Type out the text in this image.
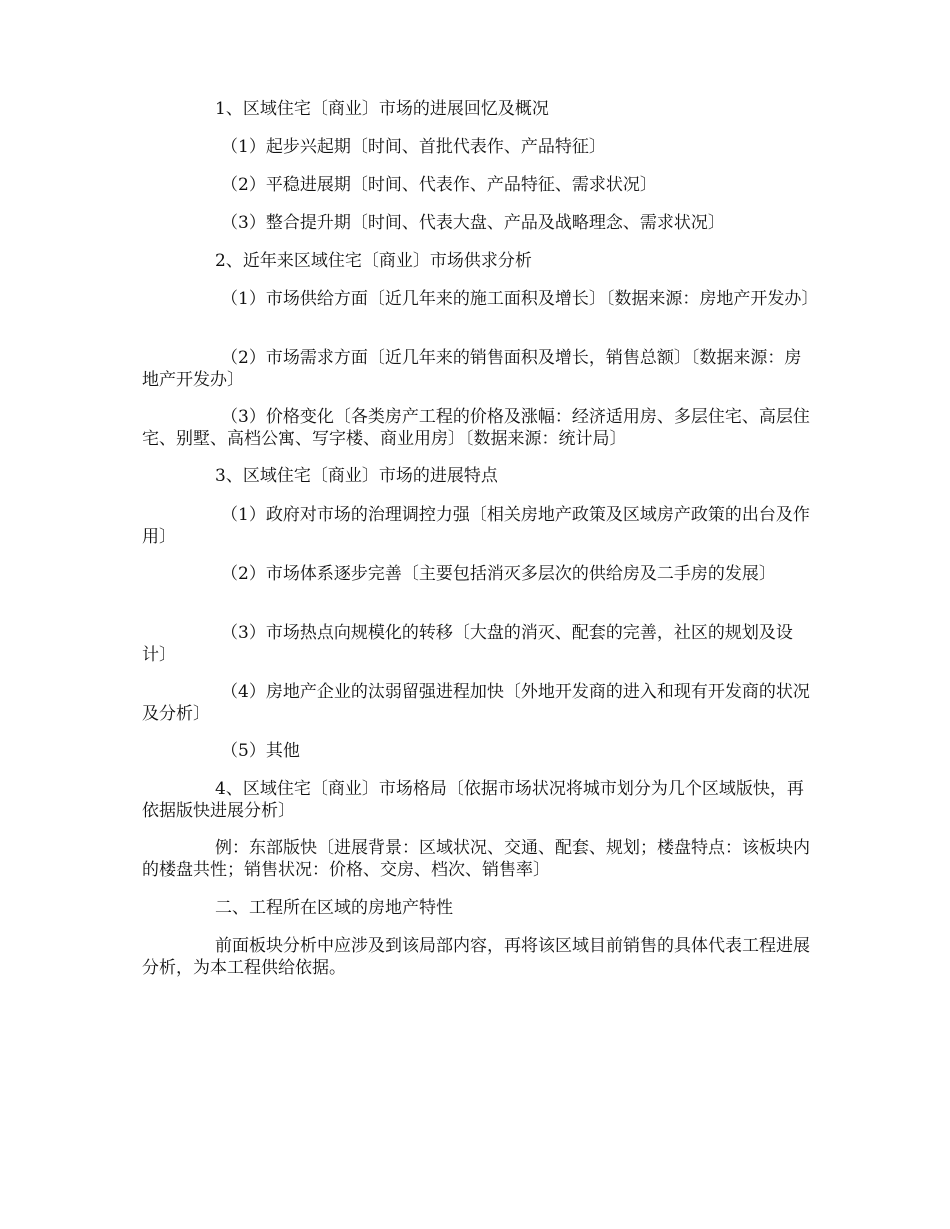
1、区域住宅〔商业〕市场的进展回忆及概况

（1）起步兴起期〔时间、首批代表作、产品特征〕

（2）平稳进展期〔时间、代表作、产品特征、需求状况〕

（3）整合提升期〔时间、代表大盘、产品及战略理念、需求状况〕

2、近年来区域住宅〔商业〕市场供求分析

（1）市场供给方面〔近几年来的施工面积及增长〕〔数据来源：房地产开发办〕

（2）市场需求方面〔近几年来的销售面积及增长，销售总额〕〔数据来源：房地产开发办〕

（3）价格变化〔各类房产工程的价格及涨幅：经济适用房、多层住宅、高层住宅、别墅、高档公寓、写字楼、商业用房〕〔数据来源：统计局〕

3、区域住宅〔商业〕市场的进展特点

（1）政府对市场的治理调控力强〔相关房地产政策及区域房产政策的出台及作用〕

（2）市场体系逐步完善〔主要包括消灭多层次的供给房及二手房的发展〕

（3）市场热点向规模化的转移〔大盘的消灭、配套的完善，社区的规划及设计〕

（4）房地产企业的汰弱留强进程加快〔外地开发商的进入和现有开发商的状况及分析〕

（5）其他

4、区域住宅〔商业〕市场格局〔依据市场状况将城市划分为几个区域版快，再依据版快进展分析〕

例：东部版快〔进展背景：区域状况、交通、配套、规划；楼盘特点：该板块内的楼盘共性；销售状况：价格、交房、档次、销售率〕

二、工程所在区域的房地产特性

前面板块分析中应涉及到该局部内容，再将该区域目前销售的具体代表工程进展分析，为本工程供给依据。
